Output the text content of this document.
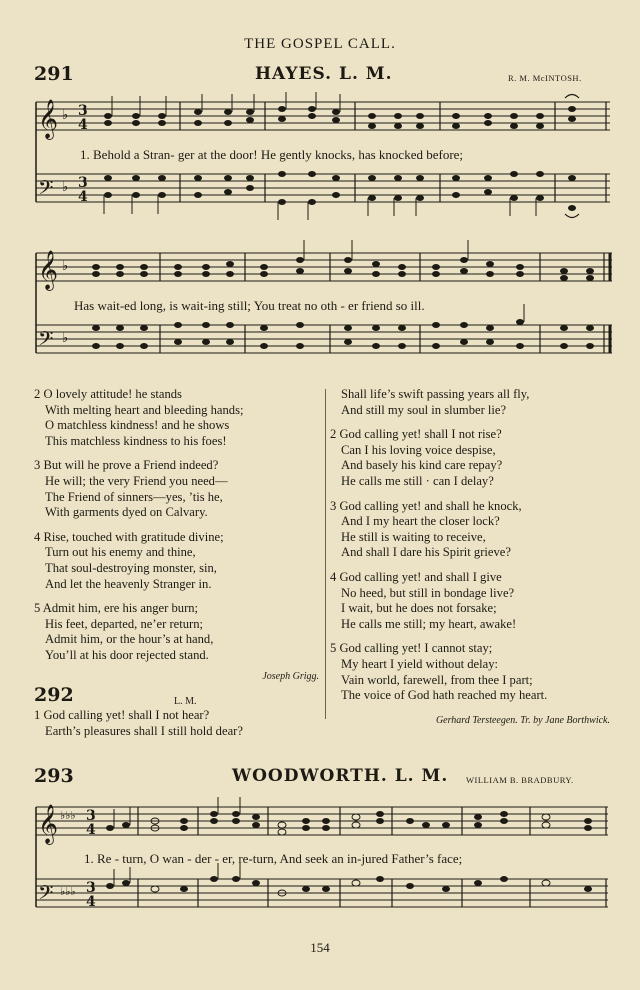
THE GOSPEL CALL.
291	HAYES. L. M.	R. M. McINTOSH.
𝄞
𝄢
𝄞
𝄢
♭
♭
♭
♭
3
4
3
4
1. Behold a Stran- ger at the door! He gently knocks, has knocked before;
Has wait-ed long, is wait-ing still; You treat no oth - er friend so ill.
2 O lovely attitude! he stands
With melting heart and bleeding hands;
O matchless kindness! and he shows
This matchless kindness to his foes!
3 But will he prove a Friend indeed?
He will; the very Friend you need—
The Friend of sinners—yes, ’tis he,
With garments dyed on Calvary.
4 Rise, touched with gratitude divine;
Turn out his enemy and thine,
That soul-destroying monster, sin,
And let the heavenly Stranger in.
5 Admit him, ere his anger burn;
His feet, departed, ne’er return;
Admit him, or the hour’s at hand,
You’ll at his door rejected stand.
Joseph Grigg.
292	L. M.
1 God calling yet! shall I not hear?
Earth’s pleasures shall I still hold dear?
Shall life’s swift passing years all fly,
And still my soul in slumber lie?
2 God calling yet! shall I not rise?
Can I his loving voice despise,
And basely his kind care repay?
He calls me still · can I delay?
3 God calling yet! and shall he knock,
And I my heart the closer lock?
He still is waiting to receive,
And shall I dare his Spirit grieve?
4 God calling yet! and shall I give
No heed, but still in bondage live?
I wait, but he does not forsake;
He calls me still; my heart, awake!
5 God calling yet! I cannot stay;
My heart I yield without delay:
Vain world, farewell, from thee I part;
The voice of God hath reached my heart.
Gerhard Tersteegen. Tr. by Jane Borthwick.
293	WOODWORTH. L. M. WILLIAM B. BRADBURY.
𝄞
𝄢
♭♭♭
♭♭♭
3
4
3
4
1. Re - turn, O wan - der - er, re-turn, And seek an in-jured Father’s face;
154
